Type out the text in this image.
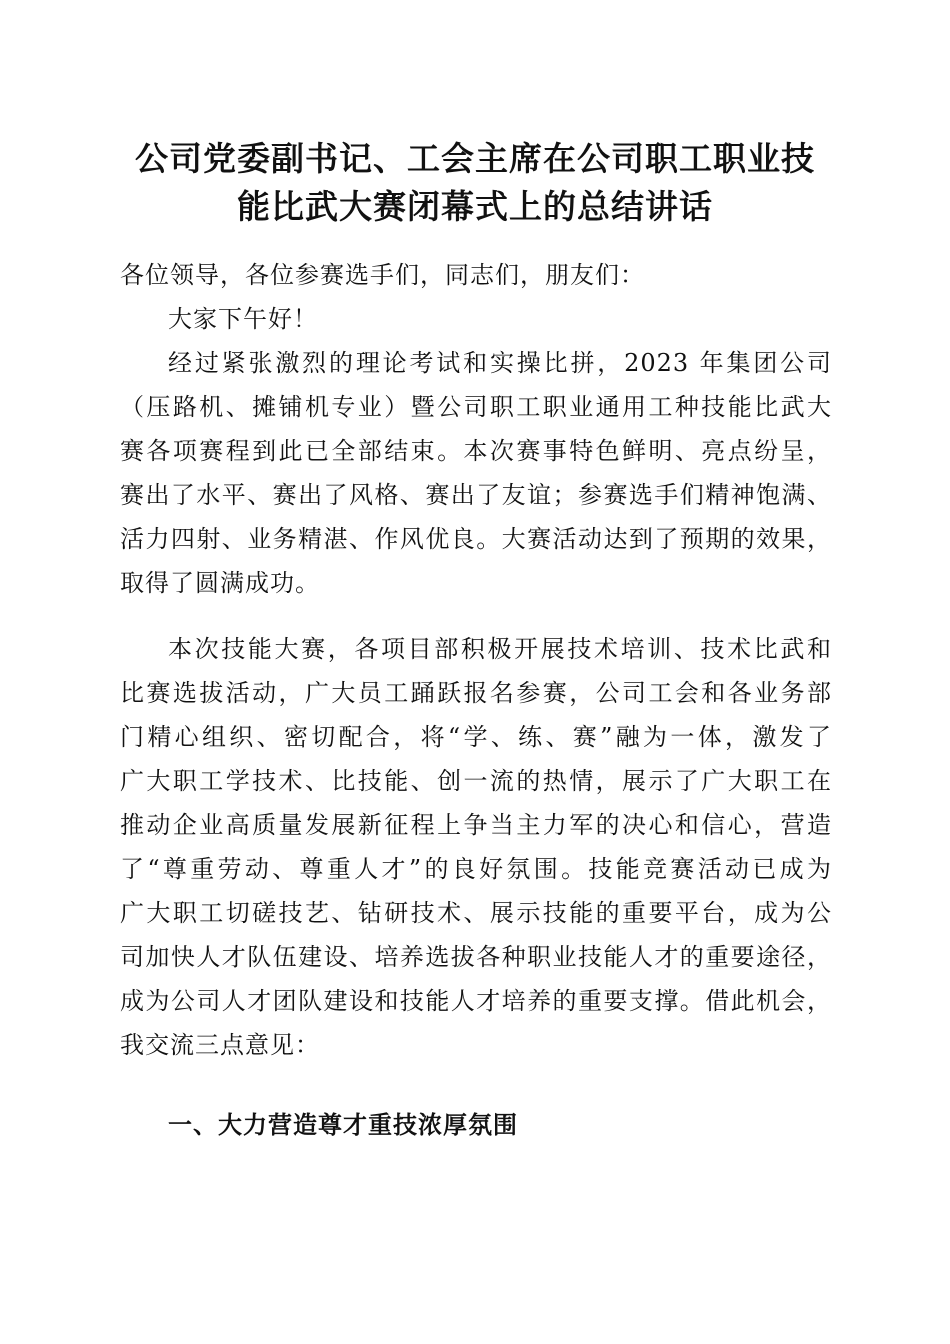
公司党委副书记、工会主席在公司职工职业技
能比武大赛闭幕式上的总结讲话

各位领导，各位参赛选手们，同志们，朋友们：

大家下午好！

经过紧张激烈的理论考试和实操比拼，2023 年集团公司

（压路机、摊铺机专业）暨公司职工职业通用工种技能比武大

赛各项赛程到此已全部结束。本次赛事特色鲜明、亮点纷呈，

赛出了水平、赛出了风格、赛出了友谊；参赛选手们精神饱满、

活力四射、业务精湛、作风优良。大赛活动达到了预期的效果，

取得了圆满成功。

本次技能大赛，各项目部积极开展技术培训、技术比武和

比赛选拔活动，广大员工踊跃报名参赛，公司工会和各业务部

门精心组织、密切配合，将“学、练、赛”融为一体，激发了

广大职工学技术、比技能、创一流的热情，展示了广大职工在

推动企业高质量发展新征程上争当主力军的决心和信心，营造

了“尊重劳动、尊重人才”的良好氛围。技能竞赛活动已成为

广大职工切磋技艺、钻研技术、展示技能的重要平台，成为公

司加快人才队伍建设、培养选拔各种职业技能人才的重要途径，

成为公司人才团队建设和技能人才培养的重要支撑。借此机会，

我交流三点意见：

一、大力营造尊才重技浓厚氛围
